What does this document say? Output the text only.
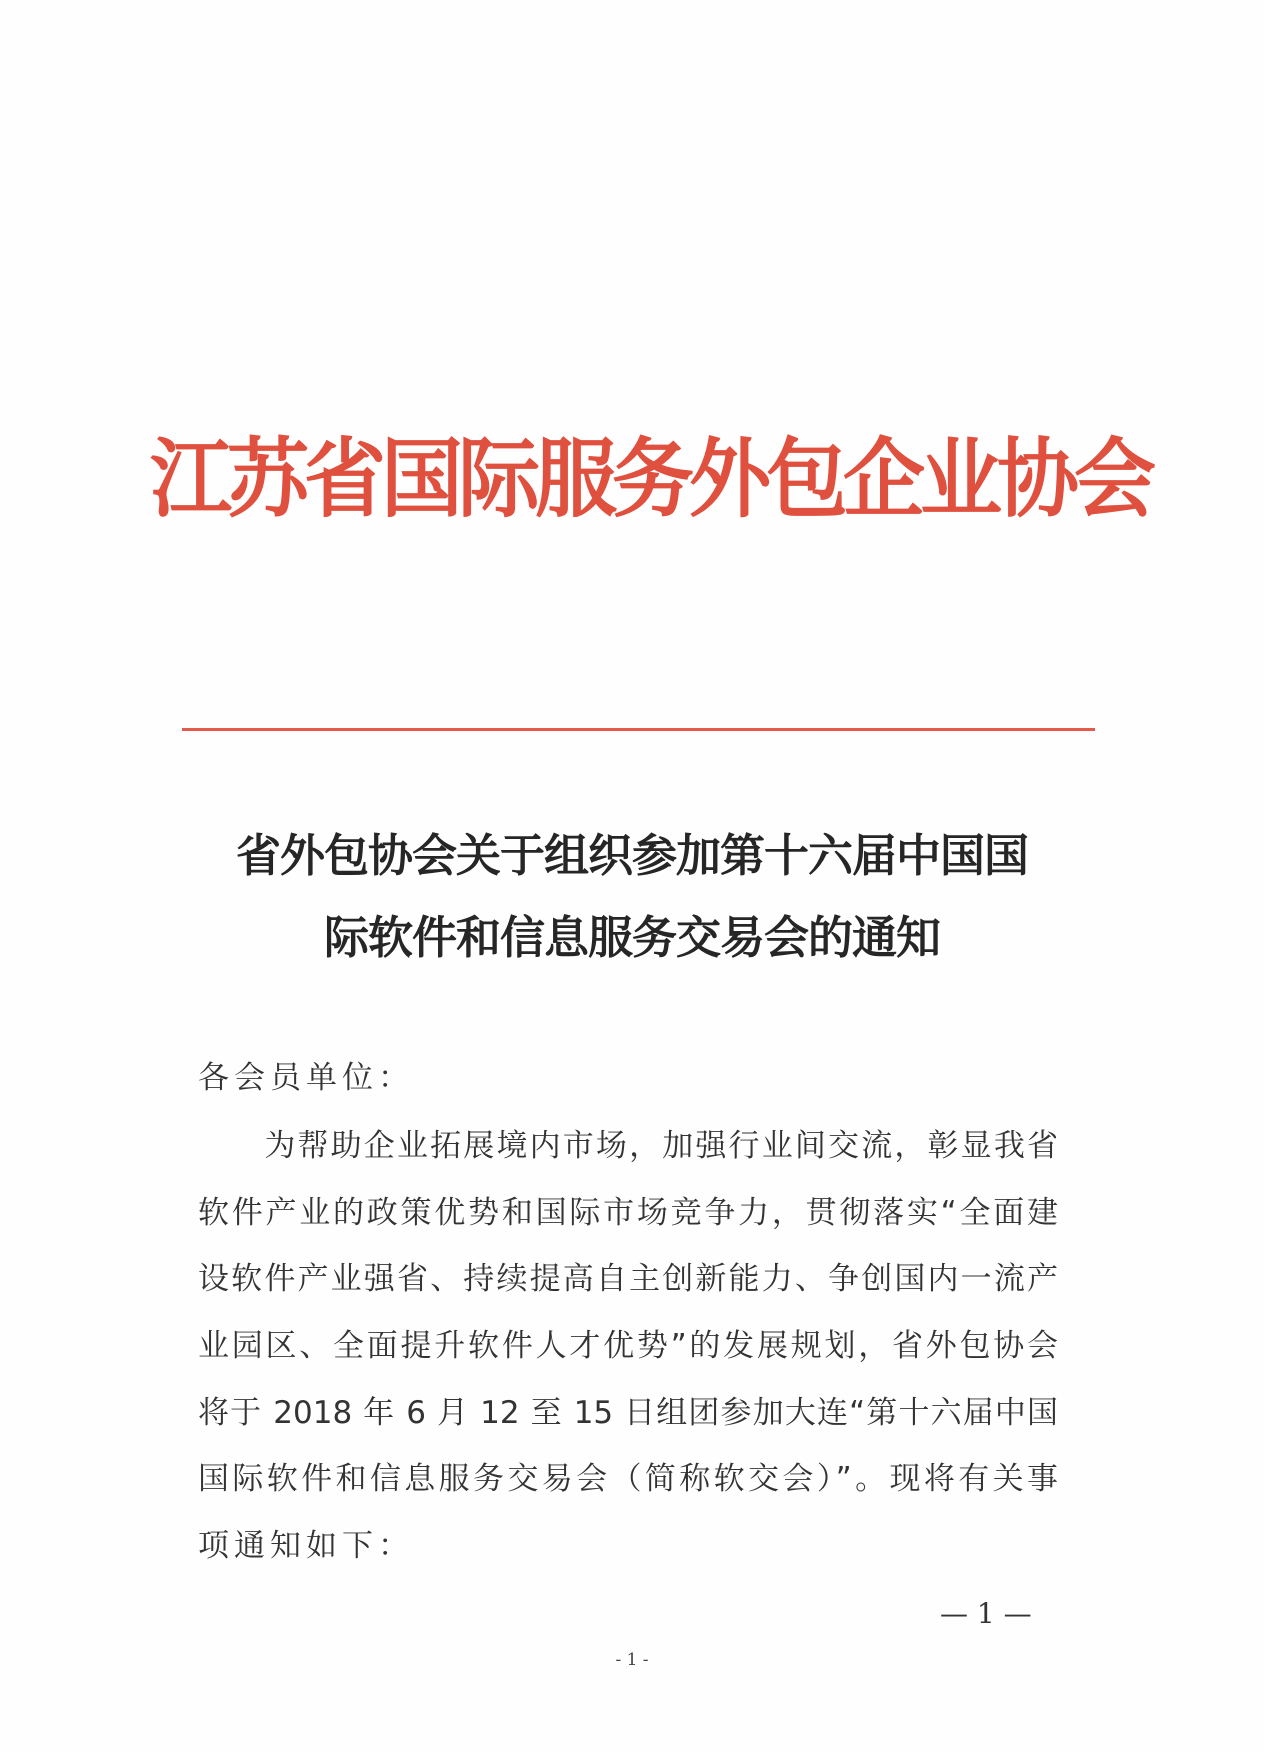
江苏省国际服务外包企业协会
省外包协会关于组织参加第十六届中国国
际软件和信息服务交易会的通知
各会员单位：
　　为帮助企业拓展境内市场，加强行业间交流，彰显我省
软件产业的政策优势和国际市场竞争力，贯彻落实“全面建
设软件产业强省、持续提高自主创新能力、争创国内一流产
业园区、全面提升软件人才优势”的发展规划，省外包协会
将于 2018 年 6 月 12 至 15 日组团参加大连“第十六届中国
国际软件和信息服务交易会（简称软交会）”。现将有关事
项通知如下：
— 1 —
- 1 -
